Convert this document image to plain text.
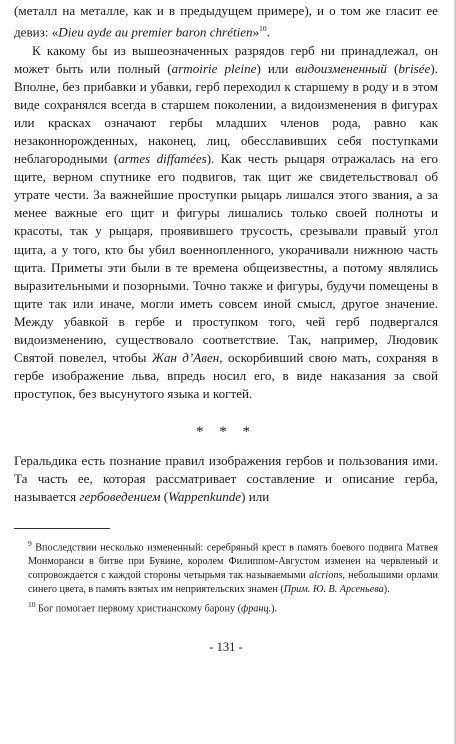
(металл на металле, как и в предыдущем примере), и о том же гласит ее девиз: «Dieu ayde au premier baron chrétien»$^{10}$.

К какому бы из вышеозначенных разрядов герб ни принадлежал, он может быть или полный (armoirie pleine) или видоизмененный (brisée). Вполне, без прибавки и убавки, герб переходил к старшему в роду и в этом виде сохранялся всегда в старшем поколении, а видоизменения в фигурах или красках означают гербы младших членов рода, равно как незаконнорожденных, наконец, лиц, обесславивших себя поступками неблагородными (armes diffamées). Как честь рыцаря отражалась на его щите, верном спутнике его подвигов, так щит же свидетельствовал об утрате чести. За важнейшие проступки рыцарь лишался этого звания, а за менее важные его щит и фигуры лишались только своей полноты и красоты, так у рыцаря, проявившего трусость, срезывали правый угол щита, а у того, кто бы убил военнопленного, укорачивали нижнюю часть щита. Приметы эти были в те времена общеизвестны, а потому являлись выразительными и позорными. Точно также и фигуры, будучи помещены в щите так или иначе, могли иметь совсем иной смысл, другое значение. Между убавкой в гербе и проступком того, чей герб подвергался видоизменению, существовало соответствие. Так, например, Людовик Святой повелел, чтобы Жан д’Авен, оскорбивший свою мать, сохраняя в гербе изображение льва, впредь носил его, в виде наказания за свой проступок, без высунутого языка и когтей.

* * *

Геральдика есть познание правил изображения гербов и пользования ими. Та часть ее, которая рассматривает составление и описание герба, называется гербоведением (Wappenkunde) или

$^9$ Впоследствии несколько измененный: серебряный крест в память боевого подвига Матвея Монморанси в битве при Бувине, королем Филиппом-Августом изменен на червленый и сопровождается с каждой стороны четырьмя так называемыми alcrions, небольшими орлами синего цвета, в память взятых им неприятельских знамен (Прим. Ю. В. Арсеньева).

$^{10}$ Бог помогает первому христианскому барону (франц.).

- 131 -
